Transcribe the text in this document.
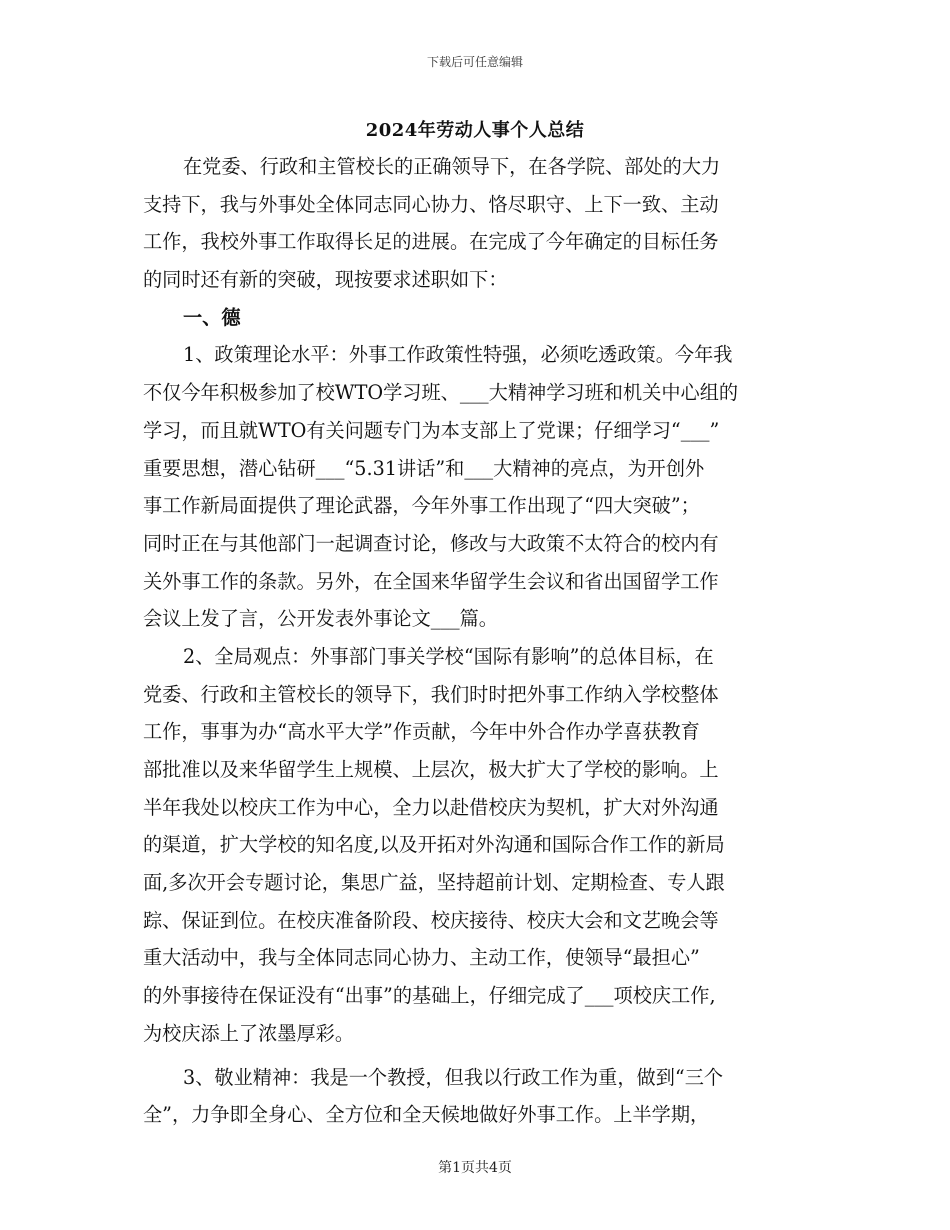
下载后可任意编辑
2024年劳动人事个人总结
在党委、行政和主管校长的正确领导下，在各学院、部处的大力
支持下，我与外事处全体同志同心协力、恪尽职守、上下一致、主动
工作，我校外事工作取得长足的进展。在完成了今年确定的目标任务
的同时还有新的突破，现按要求述职如下：
一、德
1、政策理论水平：外事工作政策性特强，必须吃透政策。今年我
不仅今年积极参加了校WTO学习班、___大精神学习班和机关中心组的
学习，而且就WTO有关问题专门为本支部上了党课；仔细学习“___”
重要思想，潜心钻研___“5.31讲话”和___大精神的亮点，为开创外
事工作新局面提供了理论武器，今年外事工作出现了“四大突破”；
同时正在与其他部门一起调查讨论，修改与大政策不太符合的校内有
关外事工作的条款。另外，在全国来华留学生会议和省出国留学工作
会议上发了言，公开发表外事论文___篇。
2、全局观点：外事部门事关学校“国际有影响”的总体目标，在
党委、行政和主管校长的领导下，我们时时把外事工作纳入学校整体
工作，事事为办“高水平大学”作贡献，今年中外合作办学喜获教育
部批准以及来华留学生上规模、上层次，极大扩大了学校的影响。上
半年我处以校庆工作为中心，全力以赴借校庆为契机，扩大对外沟通
的渠道，扩大学校的知名度,以及开拓对外沟通和国际合作工作的新局
面,多次开会专题讨论，集思广益，坚持超前计划、定期检查、专人跟
踪、保证到位。在校庆准备阶段、校庆接待、校庆大会和文艺晚会等
重大活动中，我与全体同志同心协力、主动工作，使领导“最担心”
的外事接待在保证没有“出事”的基础上，仔细完成了___项校庆工作,
为校庆添上了浓墨厚彩。
3、敬业精神：我是一个教授，但我以行政工作为重，做到“三个
全”，力争即全身心、全方位和全天候地做好外事工作。上半学期，
第1页共4页
